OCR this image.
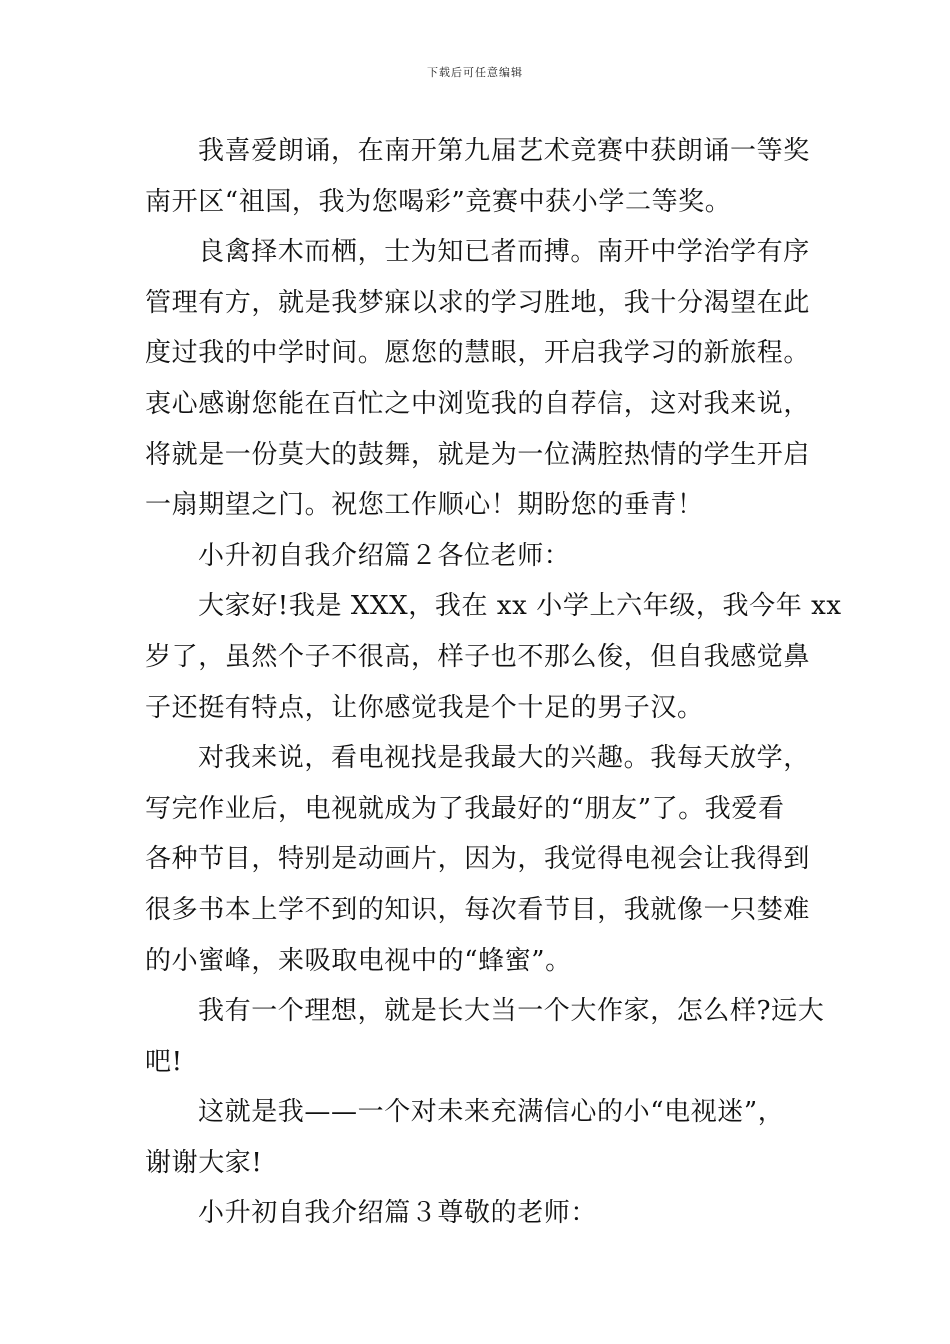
下载后可任意编辑
我喜爱朗诵，在南开第九届艺术竞赛中获朗诵一等奖
南开区“祖国，我为您喝彩”竞赛中获小学二等奖。
良禽择木而栖，士为知已者而搏。南开中学治学有序
管理有方，就是我梦寐以求的学习胜地，我十分渴望在此
度过我的中学时间。愿您的慧眼，开启我学习的新旅程。
衷心感谢您能在百忙之中浏览我的自荐信，这对我来说，
将就是一份莫大的鼓舞，就是为一位满腔热情的学生开启
一扇期望之门。祝您工作顺心！期盼您的垂青！
小升初自我介绍篇２各位老师：
大家好!我是 XXX，我在 xx 小学上六年级，我今年 xx
岁了，虽然个子不很高，样子也不那么俊，但自我感觉鼻
子还挺有特点，让你感觉我是个十足的男子汉。
对我来说，看电视找是我最大的兴趣。我每天放学，
写完作业后，电视就成为了我最好的“朋友”了。我爱看
各种节目，特别是动画片，因为，我觉得电视会让我得到
很多书本上学不到的知识，每次看节目，我就像一只婪难
的小蜜峰，来吸取电视中的“蜂蜜”。
我有一个理想，就是长大当一个大作家，怎么样?远大
吧!
这就是我——一个对未来充满信心的小“电视迷”，
谢谢大家!
小升初自我介绍篇３尊敬的老师：
